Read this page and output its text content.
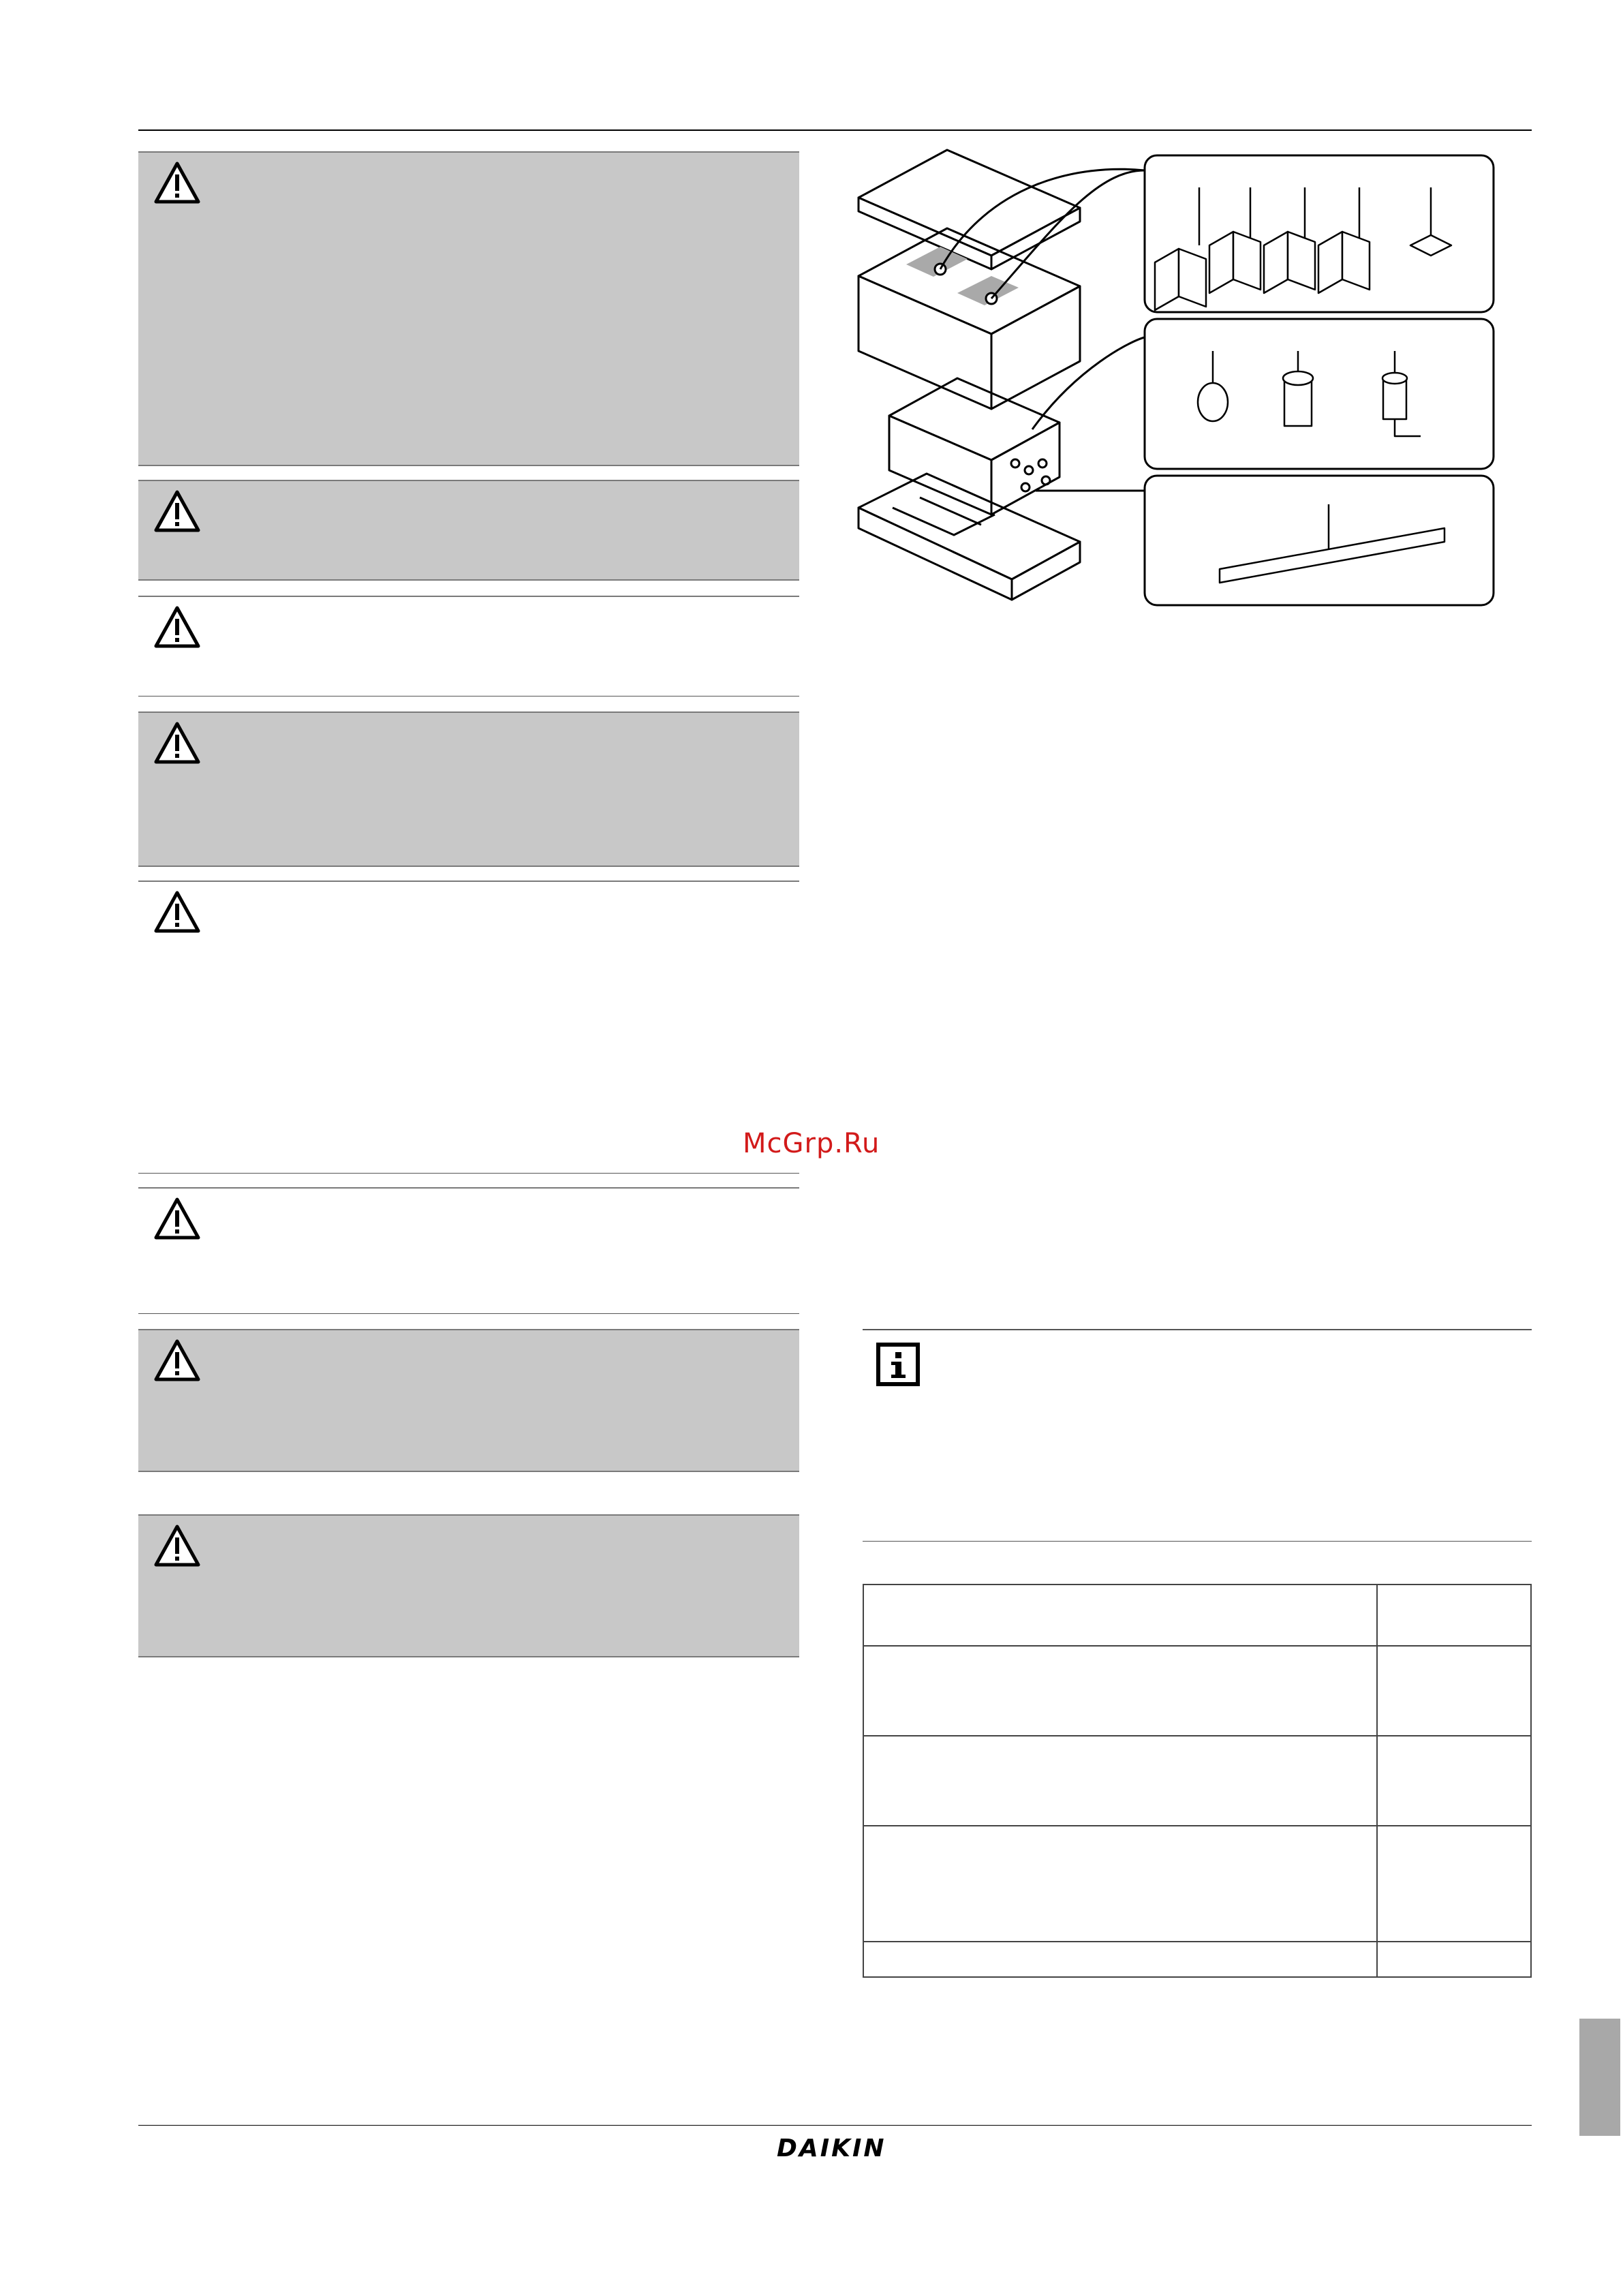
McGrp.Ru

DAIKIN
